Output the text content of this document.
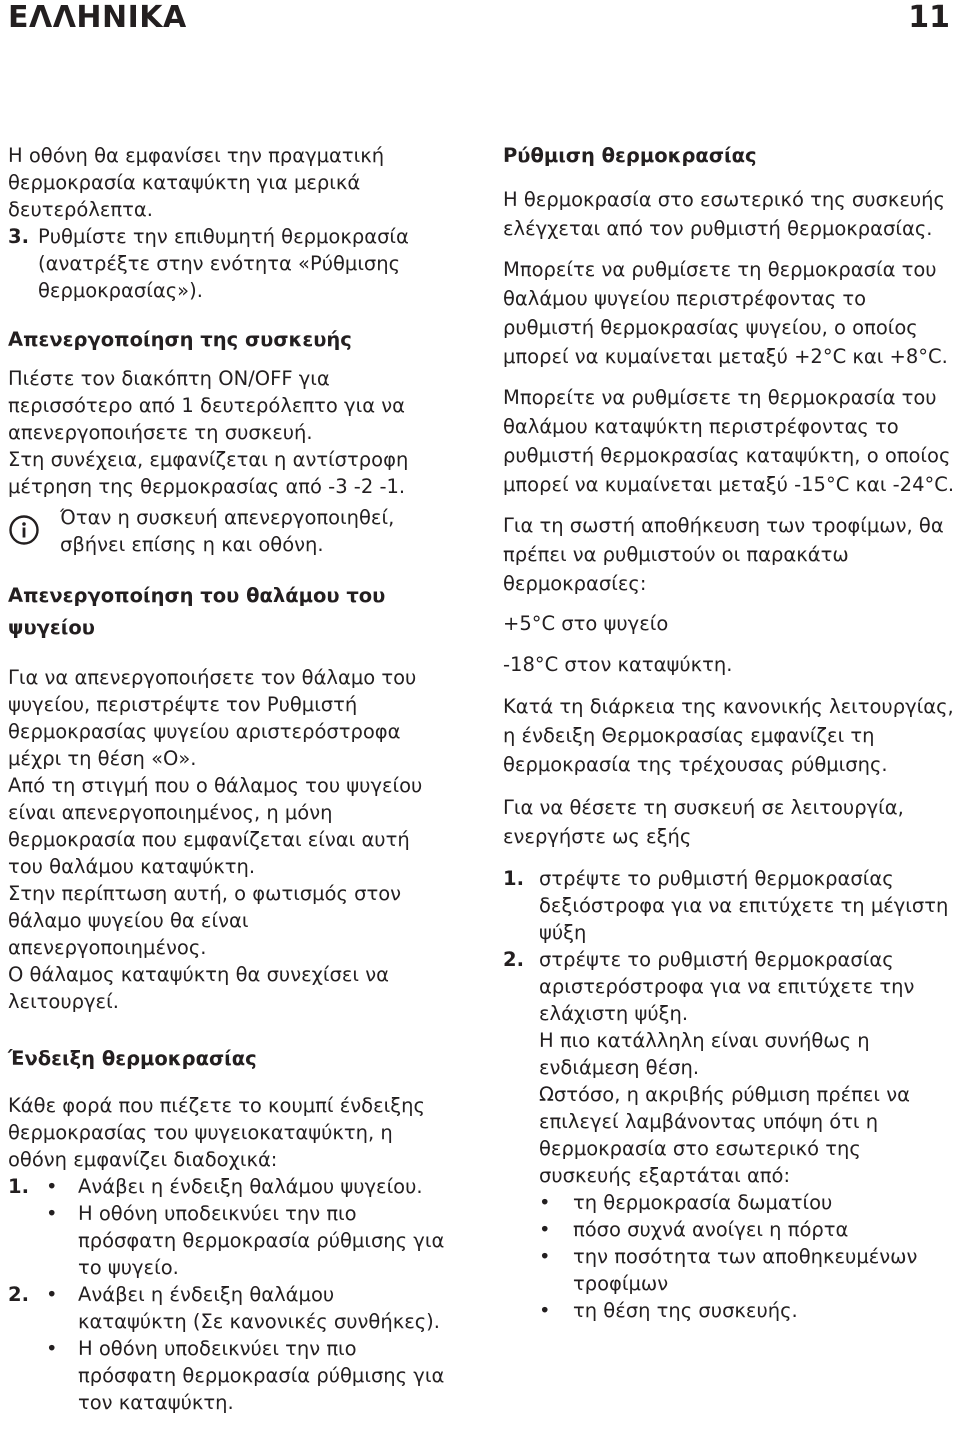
ΕΛΛΗΝΙΚΑ	11

Η οθόνη θα εμφανίσει την πραγματική θερμοκρασία καταψύκτη για μερικά δευτερόλεπτα.

3. Ρυθμίστε την επιθυμητή θερμοκρασία (ανατρέξτε στην ενότητα «Ρύθμισης θερμοκρασίας»).

Απενεργοποίηση της συσκευής

Πιέστε τον διακόπτη ON/OFF για περισσότερο από 1 δευτερόλεπτο για να απενεργοποιήσετε τη συσκευή.

Στη συνέχεια, εμφανίζεται η αντίστροφη μέτρηση της θερμοκρασίας από -3 -2 -1.

Όταν η συσκευή απενεργοποιηθεί, σβήνει επίσης η και οθόνη.

Απενεργοποίηση του θαλάμου του ψυγείου

Για να απενεργοποιήσετε τον θάλαμο του ψυγείου, περιστρέψτε τον Ρυθμιστή θερμοκρασίας ψυγείου αριστερόστροφα μέχρι τη θέση «O».

Από τη στιγμή που ο θάλαμος του ψυγείου είναι απενεργοποιημένος, η μόνη θερμοκρασία που εμφανίζεται είναι αυτή του θαλάμου καταψύκτη.

Στην περίπτωση αυτή, ο φωτισμός στον θάλαμο ψυγείου θα είναι απενεργοποιημένος.

Ο θάλαμος καταψύκτη θα συνεχίσει να λειτουργεί.

Ένδειξη θερμοκρασίας

Κάθε φορά που πιέζετε το κουμπί ένδειξης θερμοκρασίας του ψυγειοκαταψύκτη, η οθόνη εμφανίζει διαδοχικά:

1. •	Ανάβει η ένδειξη θαλάμου ψυγείου.
•	Η οθόνη υποδεικνύει την πιο πρόσφατη θερμοκρασία ρύθμισης για το ψυγείο.
2. •	Ανάβει η ένδειξη θαλάμου καταψύκτη (Σε κανονικές συνθήκες).
•	Η οθόνη υποδεικνύει την πιο πρόσφατη θερμοκρασία ρύθμισης για τον καταψύκτη.

Ρύθμιση θερμοκρασίας

Η θερμοκρασία στο εσωτερικό της συσκευής ελέγχεται από τον ρυθμιστή θερμοκρασίας.

Μπορείτε να ρυθμίσετε τη θερμοκρασία του θαλάμου ψυγείου περιστρέφοντας το ρυθμιστή θερμοκρασίας ψυγείου, ο οποίος μπορεί να κυμαίνεται μεταξύ +2°C και +8°C.

Μπορείτε να ρυθμίσετε τη θερμοκρασία του θαλάμου καταψύκτη περιστρέφοντας το ρυθμιστή θερμοκρασίας καταψύκτη, ο οποίος μπορεί να κυμαίνεται μεταξύ -15°C και -24°C.

Για τη σωστή αποθήκευση των τροφίμων, θα πρέπει να ρυθμιστούν οι παρακάτω θερμοκρασίες:

+5°C στο ψυγείο

-18°C στον καταψύκτη.

Κατά τη διάρκεια της κανονικής λειτουργίας, η ένδειξη Θερμοκρασίας εμφανίζει τη θερμοκρασία της τρέχουσας ρύθμισης.

Για να θέσετε τη συσκευή σε λειτουργία, ενεργήστε ως εξής

1. στρέψτε το ρυθμιστή θερμοκρασίας δεξιόστροφα για να επιτύχετε τη μέγιστη ψύξη
2. στρέψτε το ρυθμιστή θερμοκρασίας αριστερόστροφα για να επιτύχετε την ελάχιστη ψύξη.
Η πιο κατάλληλη είναι συνήθως η ενδιάμεση θέση.
Ωστόσο, η ακριβής ρύθμιση πρέπει να επιλεγεί λαμβάνοντας υπόψη ότι η θερμοκρασία στο εσωτερικό της συσκευής εξαρτάται από:
•	τη θερμοκρασία δωματίου
•	πόσο συχνά ανοίγει η πόρτα
•	την ποσότητα των αποθηκευμένων τροφίμων
•	τη θέση της συσκευής.
